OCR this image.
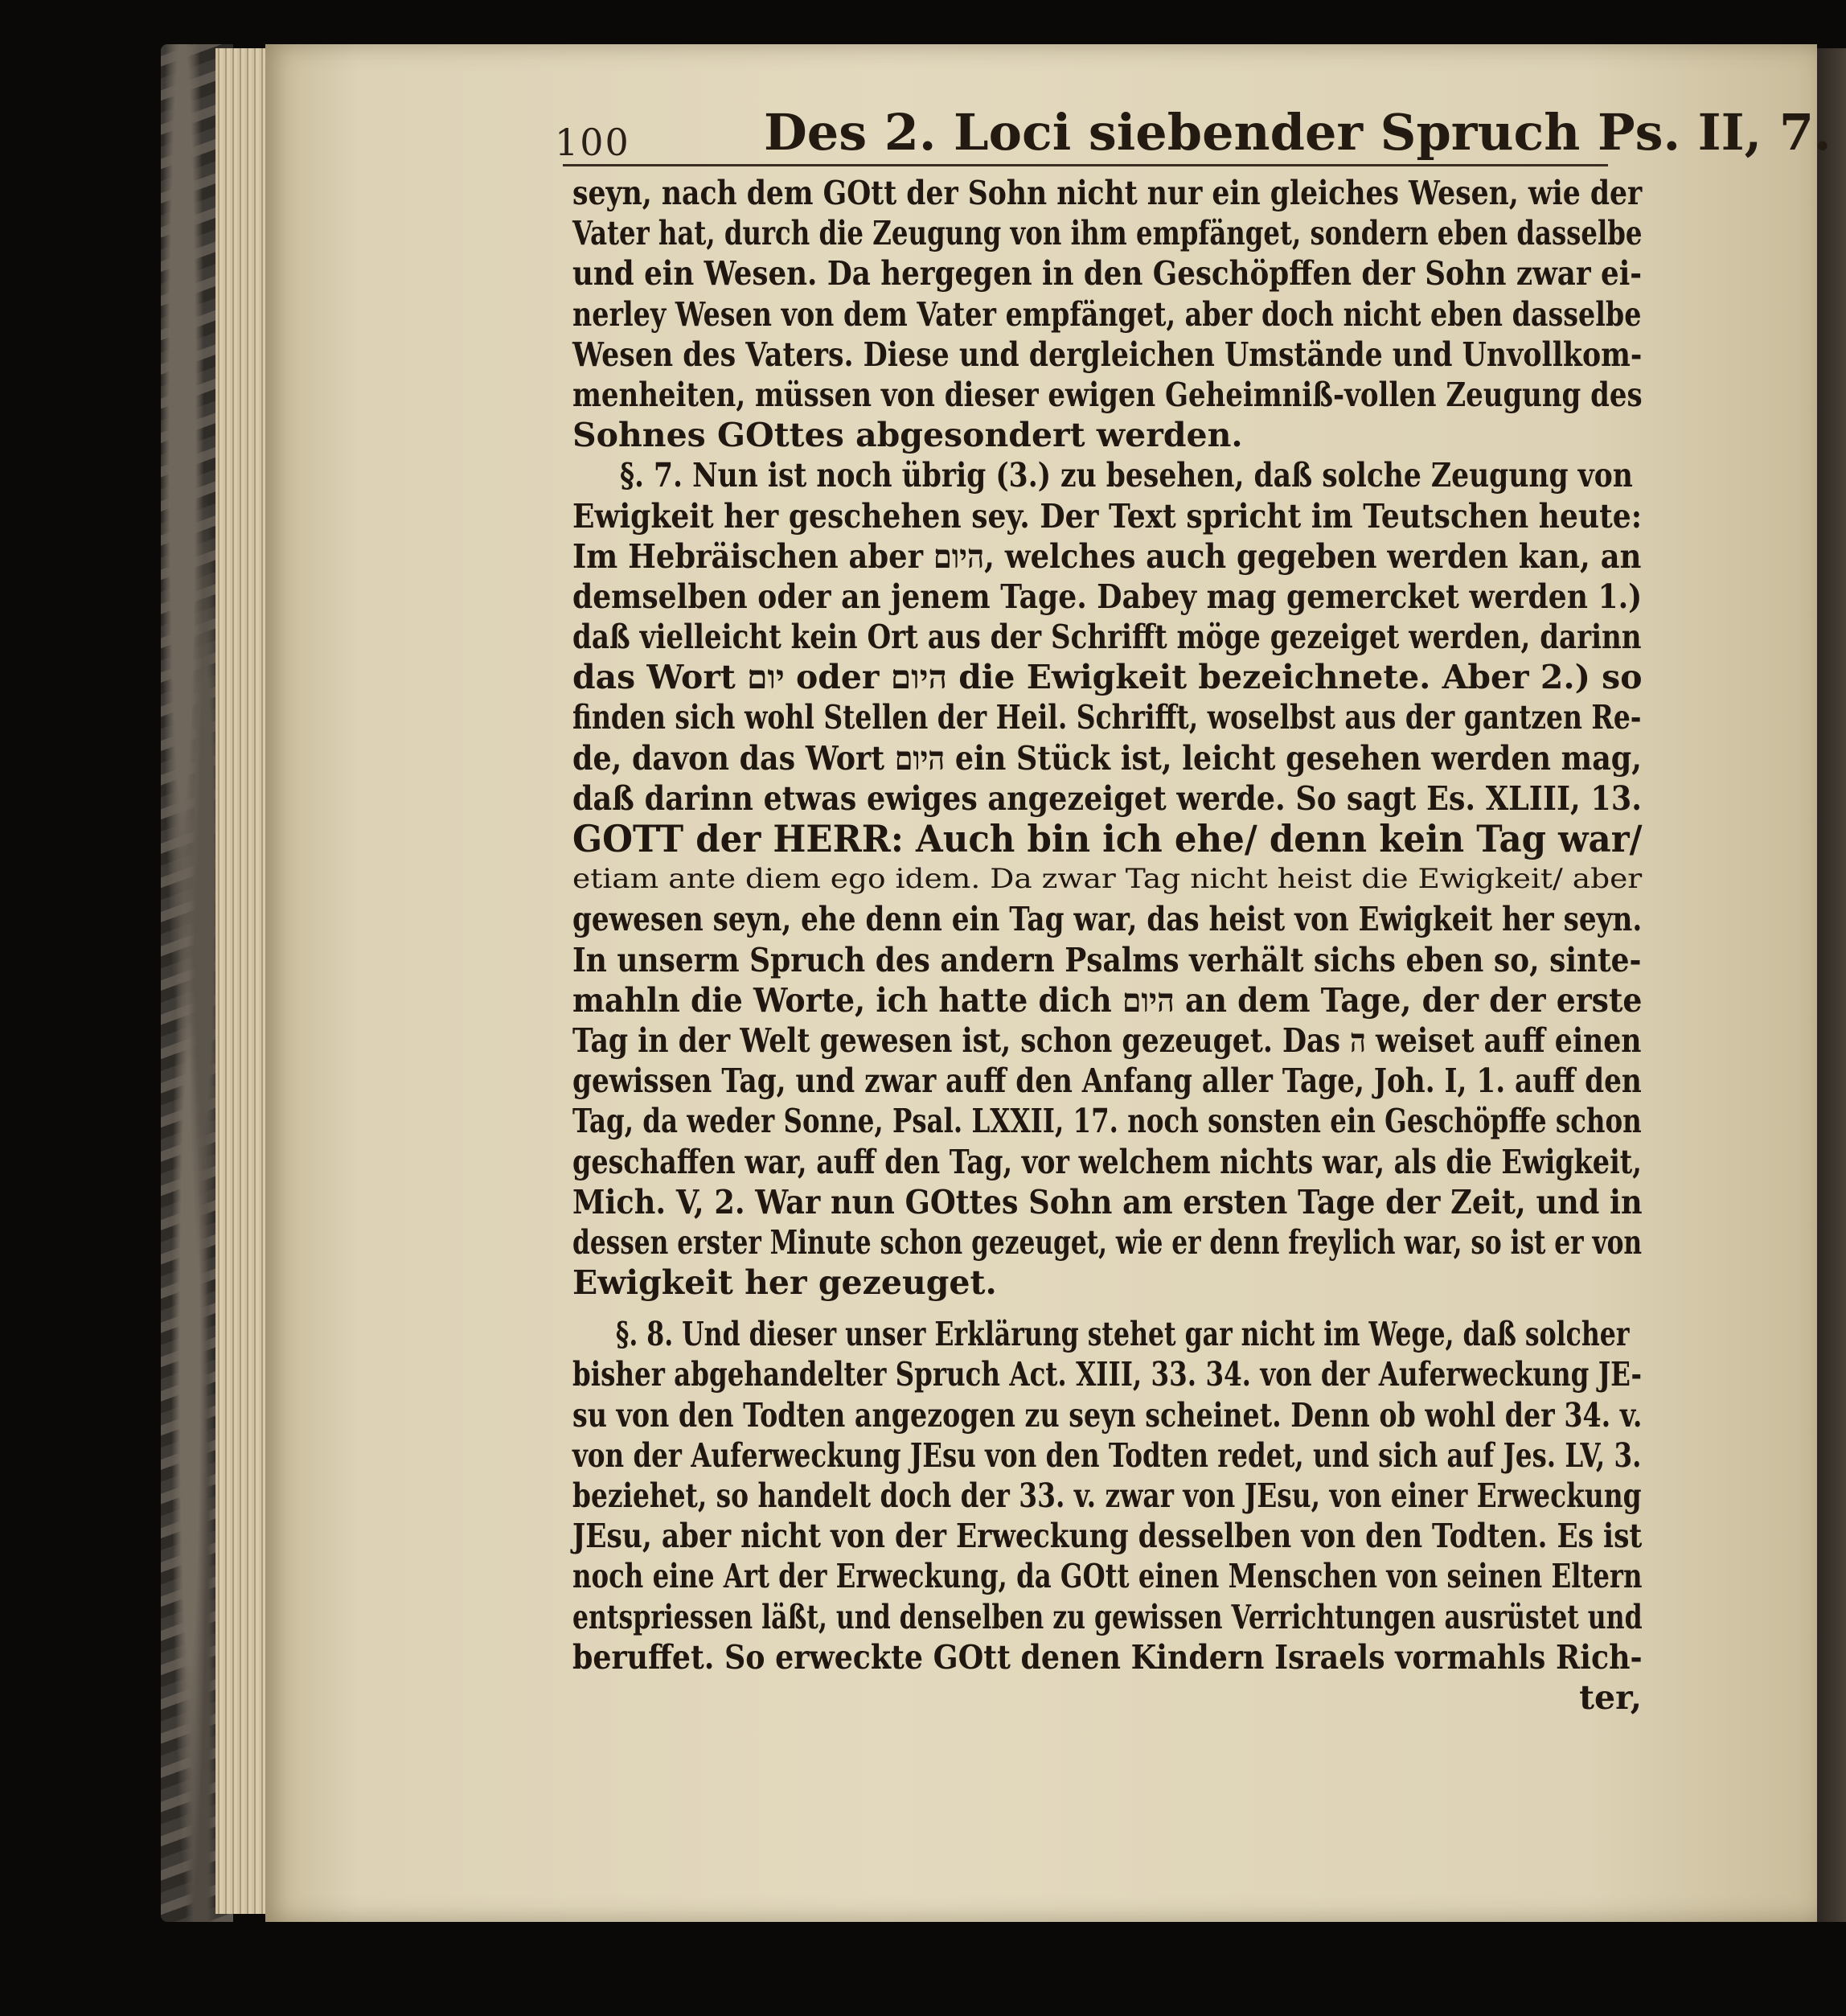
100	Des 2. Loci siebender Spruch Ps. II, 7.
seyn, nach dem GOtt der Sohn nicht nur ein gleiches Wesen, wie der
Vater hat, durch die Zeugung von ihm empfänget, sondern eben dasselbe
und ein Wesen. Da hergegen in den Geschöpffen der Sohn zwar ei-
nerley Wesen von dem Vater empfänget, aber doch nicht eben dasselbe
Wesen des Vaters. Diese und dergleichen Umstände und Unvollkom-
menheiten, müssen von dieser ewigen Geheimniß-vollen Zeugung des
Sohnes GOttes abgesondert werden.
§. 7. Nun ist noch übrig (3.) zu besehen, daß solche Zeugung von
Ewigkeit her geschehen sey. Der Text spricht im Teutschen heute:
Im Hebräischen aber היום, welches auch gegeben werden kan, an
demselben oder an jenem Tage. Dabey mag gemercket werden 1.)
daß vielleicht kein Ort aus der Schrifft möge gezeiget werden, darinn
das Wort יום oder היום die Ewigkeit bezeichnete. Aber 2.) so
finden sich wohl Stellen der Heil. Schrifft, woselbst aus der gantzen Re-
de, davon das Wort היום ein Stück ist, leicht gesehen werden mag,
daß darinn etwas ewiges angezeiget werde. So sagt Es. XLIII, 13.
GOTT der HERR: Auch bin ich ehe/ denn kein Tag war/
etiam ante diem ego idem. Da zwar Tag nicht heist die Ewigkeit/ aber
gewesen seyn, ehe denn ein Tag war, das heist von Ewigkeit her seyn.
In unserm Spruch des andern Psalms verhält sichs eben so, sinte-
mahln die Worte, ich hatte dich היום an dem Tage, der der erste
Tag in der Welt gewesen ist, schon gezeuget. Das ה weiset auff einen
gewissen Tag, und zwar auff den Anfang aller Tage, Joh. I, 1. auff den
Tag, da weder Sonne, Psal. LXXII, 17. noch sonsten ein Geschöpffe schon
geschaffen war, auff den Tag, vor welchem nichts war, als die Ewigkeit,
Mich. V, 2. War nun GOttes Sohn am ersten Tage der Zeit, und in
dessen erster Minute schon gezeuget, wie er denn freylich war, so ist er von
Ewigkeit her gezeuget.
§. 8. Und dieser unser Erklärung stehet gar nicht im Wege, daß solcher
bisher abgehandelter Spruch Act. XIII, 33. 34. von der Auferweckung JE-
su von den Todten angezogen zu seyn scheinet. Denn ob wohl der 34. v.
von der Auferweckung JEsu von den Todten redet, und sich auf Jes. LV, 3.
beziehet, so handelt doch der 33. v. zwar von JEsu, von einer Erweckung
JEsu, aber nicht von der Erweckung desselben von den Todten. Es ist
noch eine Art der Erweckung, da GOtt einen Menschen von seinen Eltern
entspriessen läßt, und denselben zu gewissen Verrichtungen ausrüstet und
beruffet. So erweckte GOtt denen Kindern Israels vormahls Rich-
ter,
